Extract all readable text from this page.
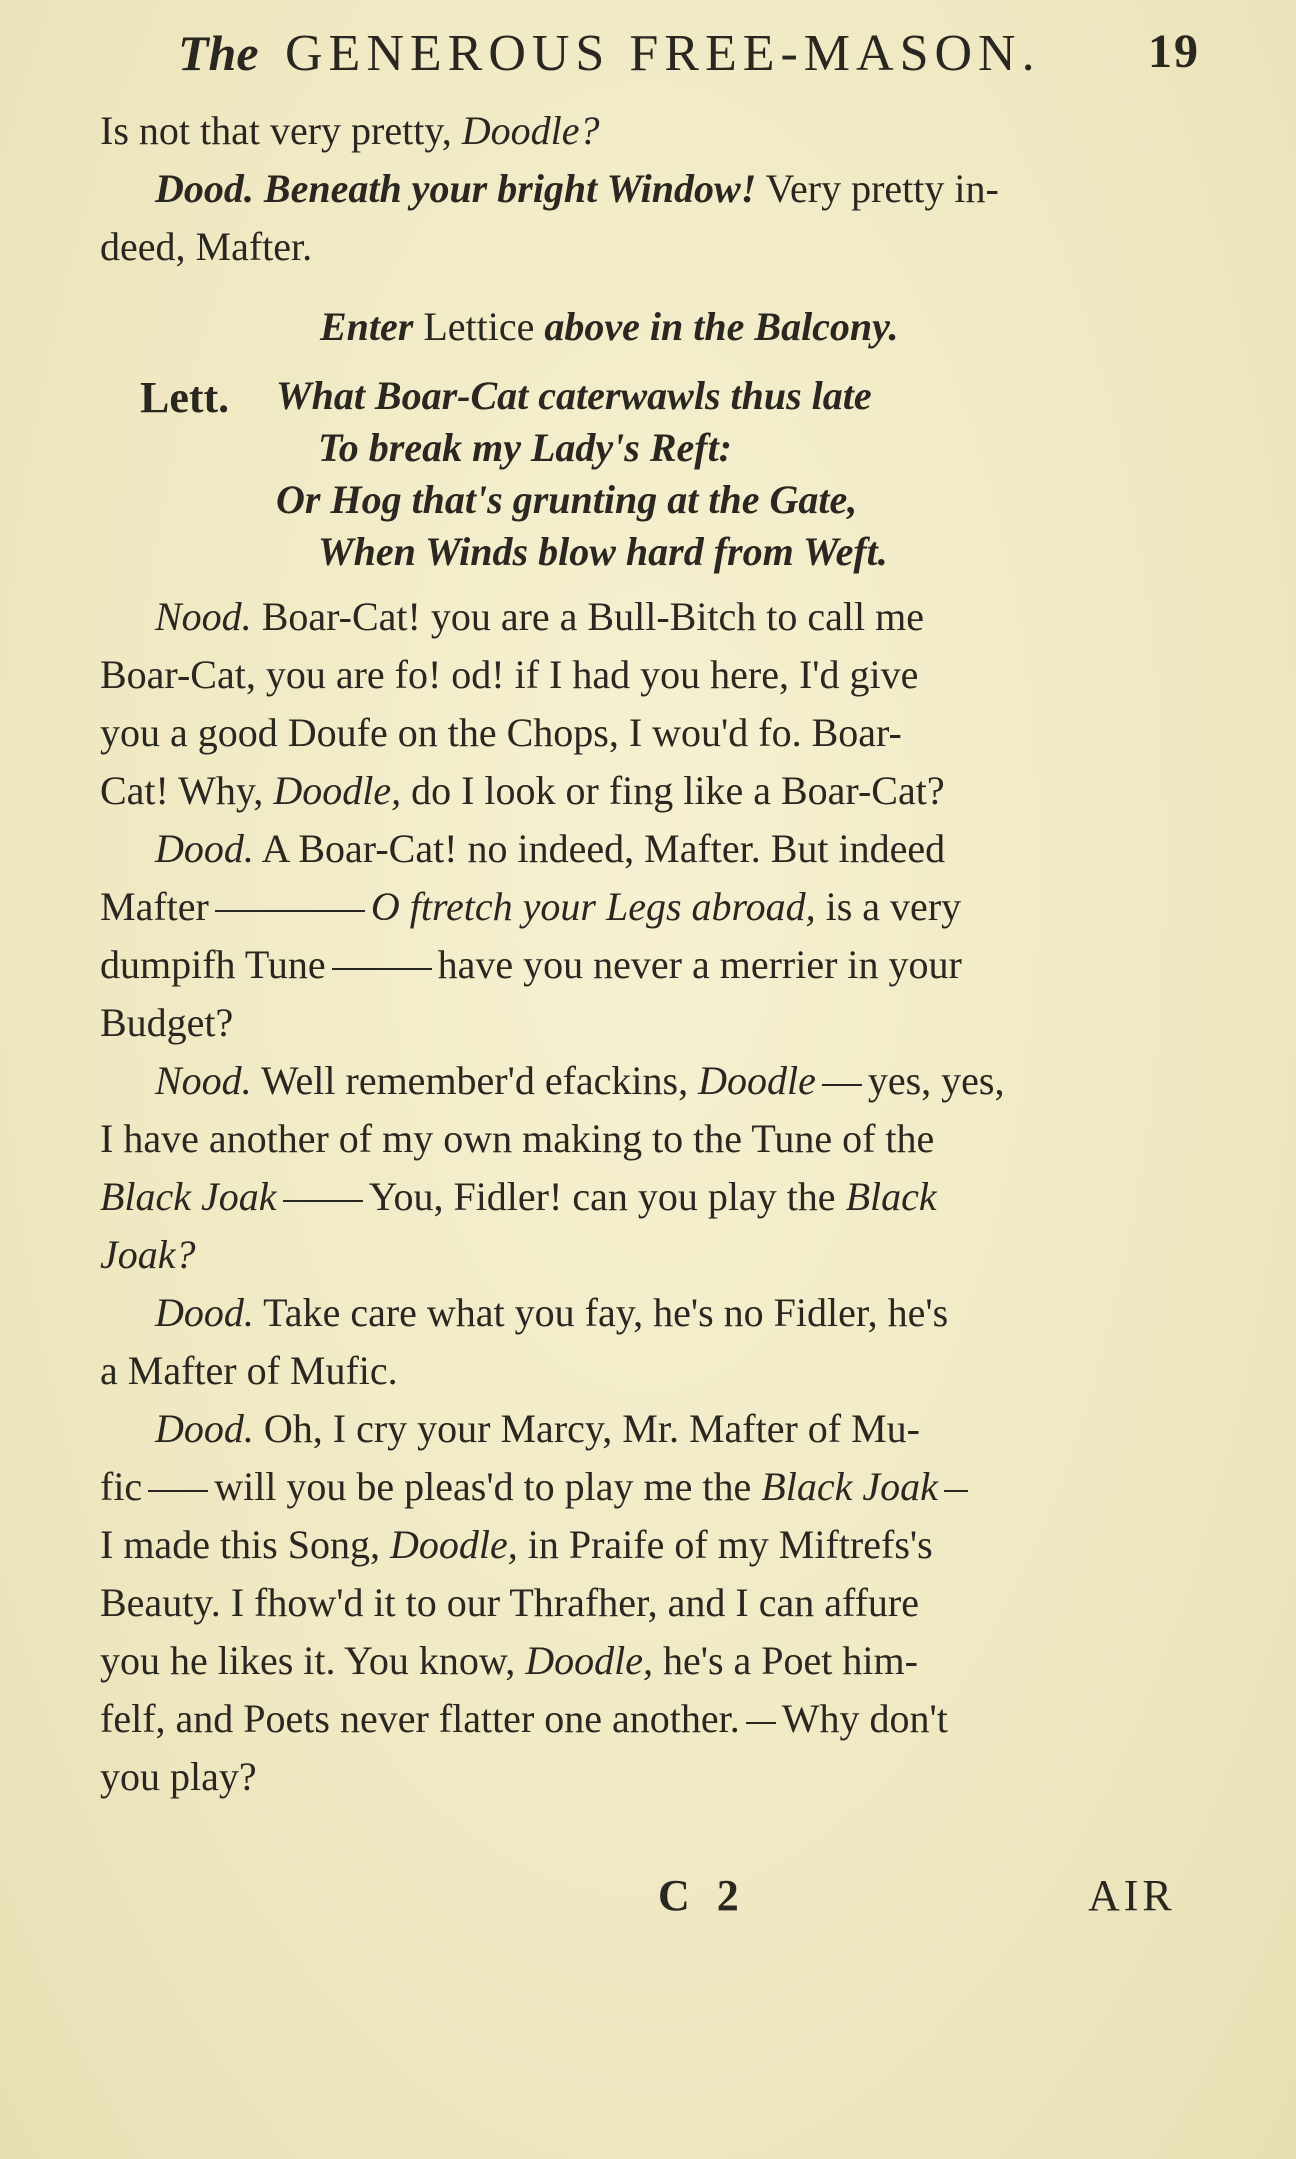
The GENEROUS FREE-MASON. 19
Is not that very pretty, Doodle?
Dood. Beneath your bright Window! Very pretty in-
deed, Mafter.
Enter Lettice above in the Balcony.
Lett. What Boar-Cat caterwawls thus late
To break my Lady's Reft:
Or Hog that's grunting at the Gate,
When Winds blow hard from Weft.
Nood. Boar-Cat! you are a Bull-Bitch to call me
Boar-Cat, you are fo! od! if I had you here, I'd give
you a good Doufe on the Chops, I wou'd fo. Boar-
Cat! Why, Doodle, do I look or fing like a Boar-Cat?
Dood. A Boar-Cat! no indeed, Mafter. But indeed
Mafter	O ftretch your Legs abroad, is a very
dumpifh Tune	have you never a merrier in your
Budget?
Nood. Well remember'd efackins, Doodle yes, yes,
I have another of my own making to the Tune of the
Black Joak You, Fidler! can you play the Black
Joak?
Dood. Take care what you fay, he's no Fidler, he's
a Mafter of Mufic.
Dood. Oh, I cry your Marcy, Mr. Mafter of Mu-
fic will you be pleas'd to play me the Black Joak
I made this Song, Doodle, in Praife of my Miftrefs's
Beauty. I fhow'd it to our Thrafher, and I can affure
you he likes it. You know, Doodle, he's a Poet him-
felf, and Poets never flatter one another. Why don't
you play?
C 2	AIR
